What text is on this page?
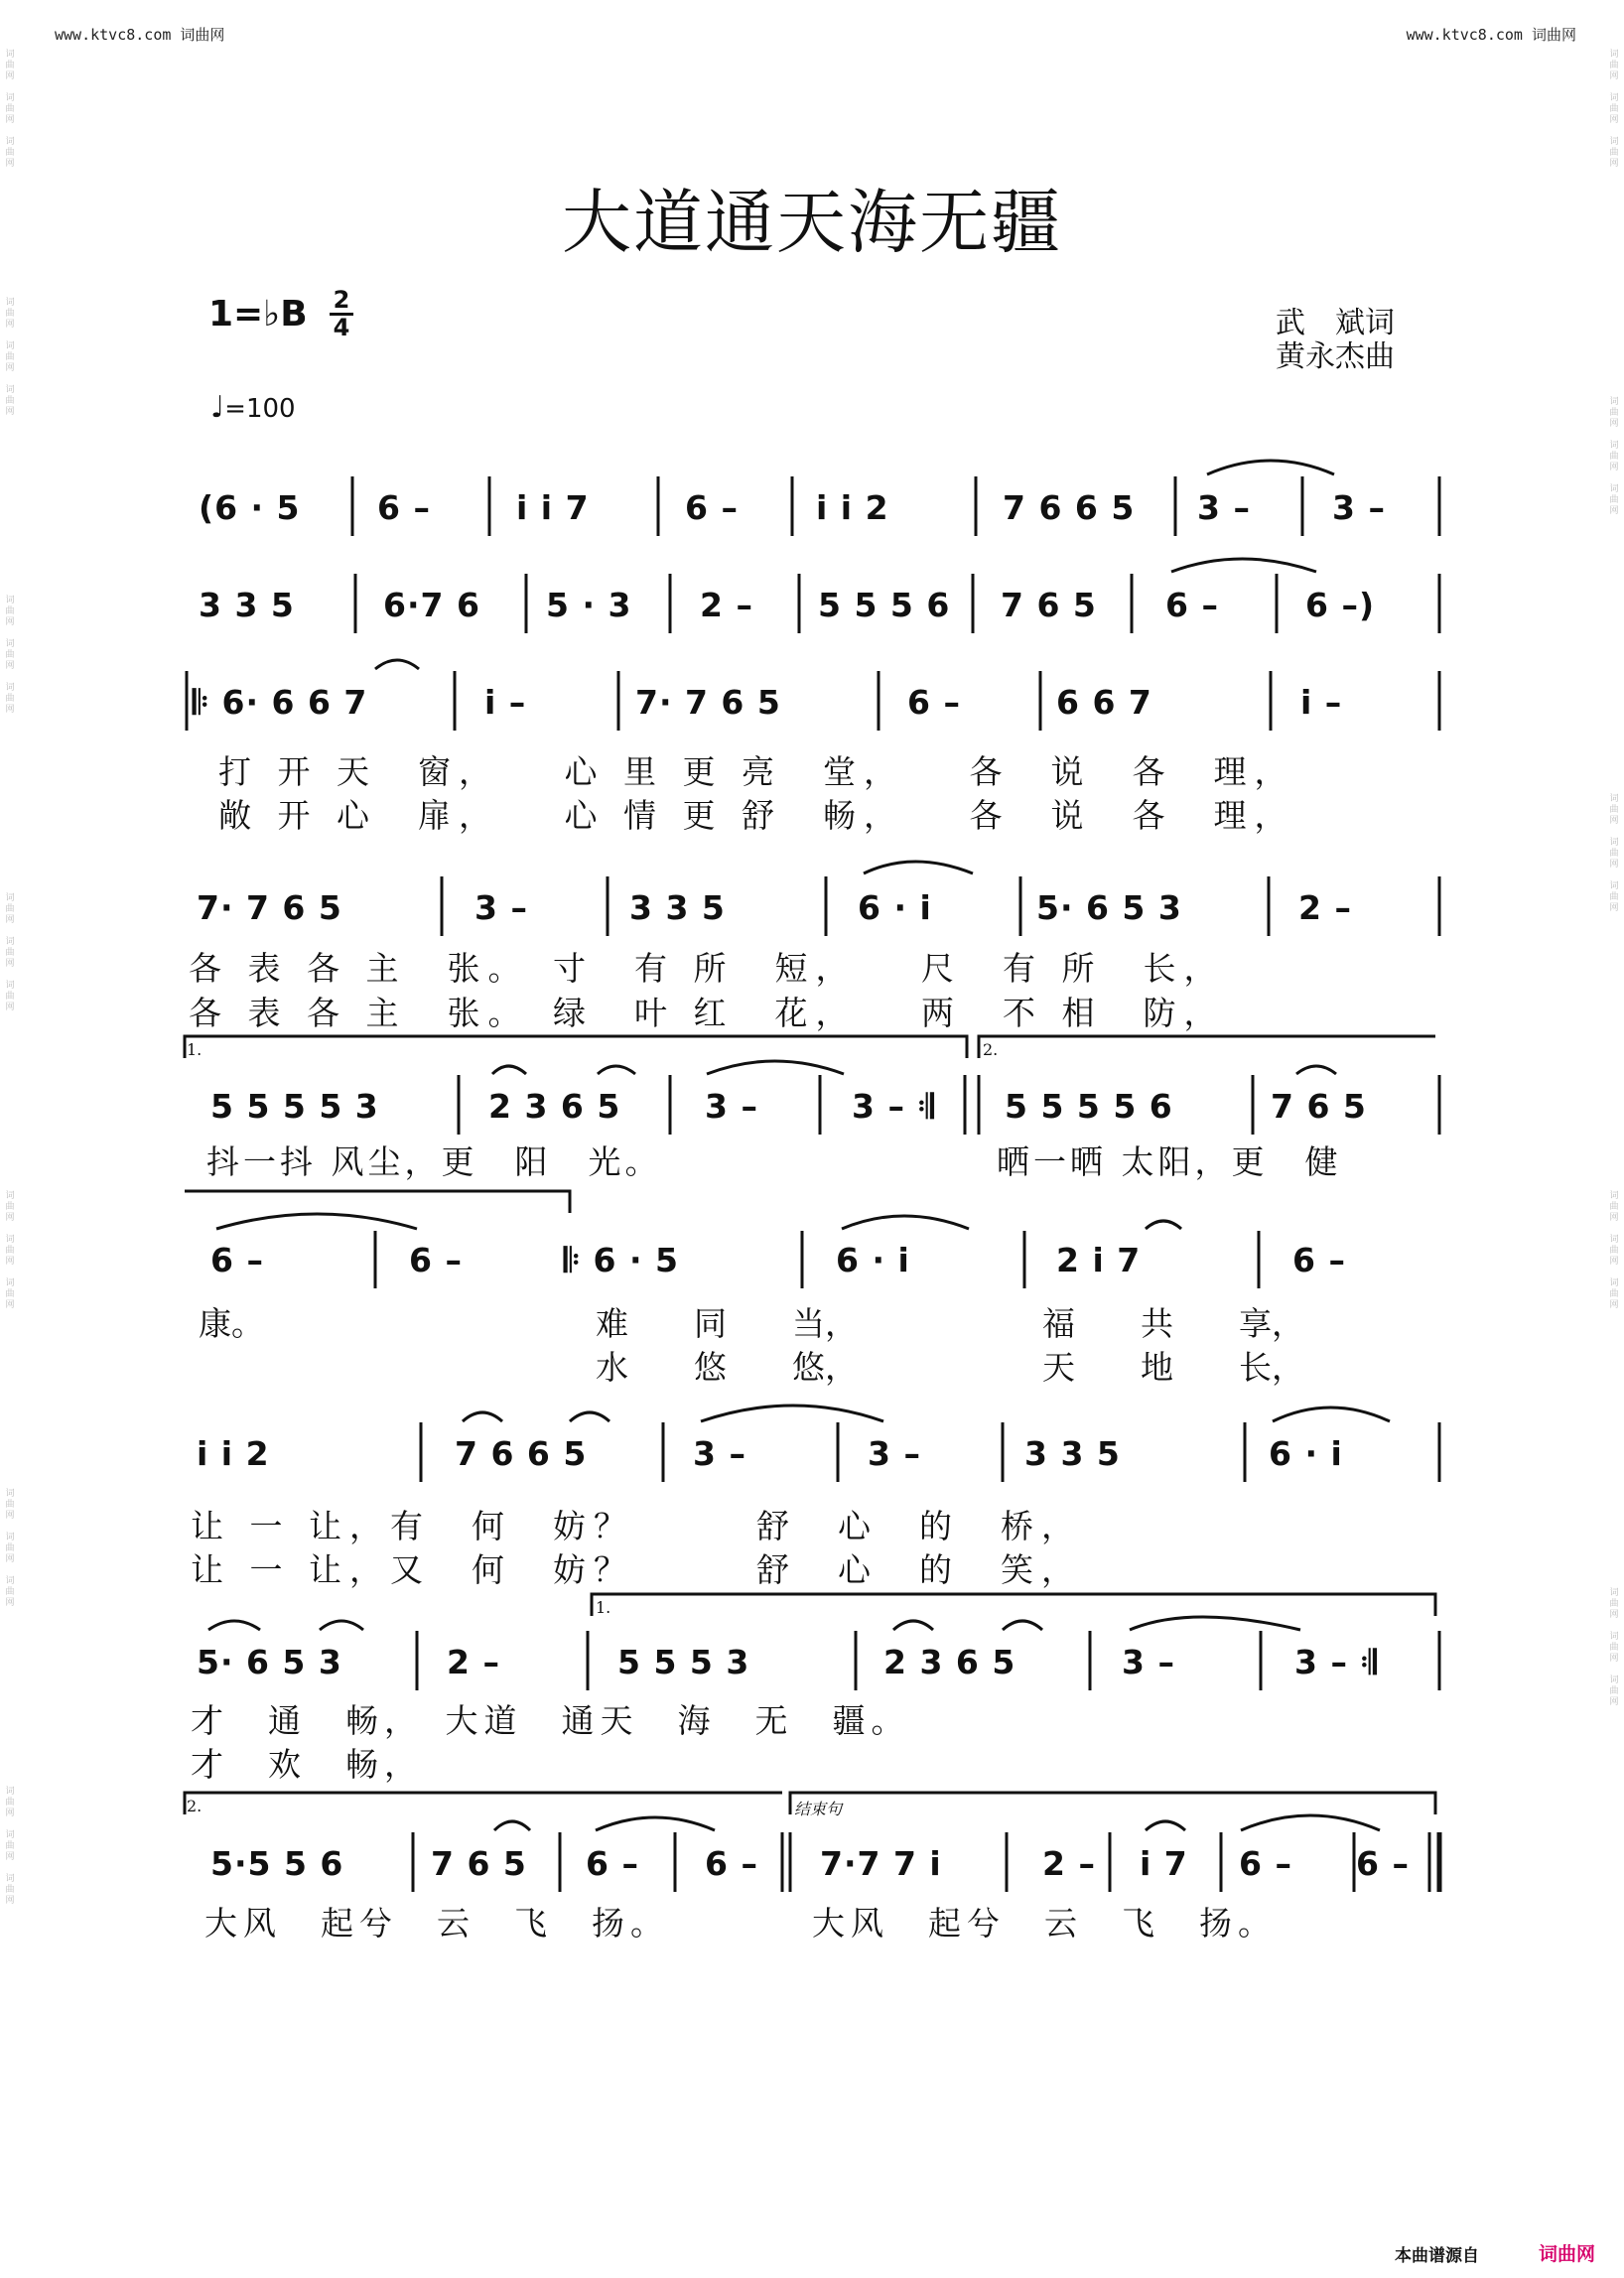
www.ktvc8.com 词曲网	www.ktvc8.com 词曲网
词曲网

词曲网

词曲网
词曲网

词曲网

词曲网
词曲网

词曲网

词曲网
词曲网

词曲网

词曲网
词曲网

词曲网

词曲网
词曲网

词曲网

词曲网
词曲网

词曲网

词曲网
词曲网

词曲网

词曲网
词曲网

词曲网

词曲网
词曲网

词曲网

词曲网
词曲网

词曲网

词曲网
词曲网

词曲网

词曲网
大道通天海无疆
1=♭B 2
4
♩=100
武　斌词
黄永杰曲
(6 · 5 6 –	i i 7	6 – i i 2	7 6 6 5 3 – 3 –
3 3 5	6·7 6 5 · 3 2 – 5 5 5 6 7 6 5 6 –	6 –)
𝄆 6· 6 6 7	i –	7· 7 6 5	6 –	6 6 7	i –
打 开 天　窗，　　心 里 更 亮　堂，　　各　说　各　理，
敞 开 心　扉，　　心 情 更 舒　畅，　　各　说　各　理，
7· 7 6 5	3 –	3 3 5	6 · i	5· 6 5 3	2 –
各 表 各 主　张。　寸　有 所　短，　　尺　有 所　长，
各 表 各 主　张。　绿　叶 红　花，　　两　不 相　防，
1.	2.
5 5 5 5 3	2 3 6 5	3 –	3 – 𝄇 5 5 5 5 6	7 6 5
抖一抖 风尘，更　阳　光。	晒一晒 太阳，更　健
6 –	6 –	𝄆 6 · 5	6 · i	2 i 7	6 –
康。	难　　同　　当，	福　　共　　享，
水　　悠　　悠，	天　　地　　长，
i i 2	7 6 6 5	3 –	3 –	3 3 5	6 · i
让 一 让，有　何　妨？　　　舒　心　的　桥，
让 一 让，又　何　妨？　　　舒　心　的　笑，
1.
5· 6 5 3	2 –	5 5 5 3	2 3 6 5	3 –	3 – 𝄇
才　通　畅，　大道　通天　海　无　疆。
才　欢　畅，
2.	结束句
5·5 5 6	7 6 5 6 – 6 – 7·7 7 i	2 – i 7 6 – 6 –
大风　起兮　云　飞　扬。	大风　起兮　云　飞　扬。
本曲谱源自	词曲网
